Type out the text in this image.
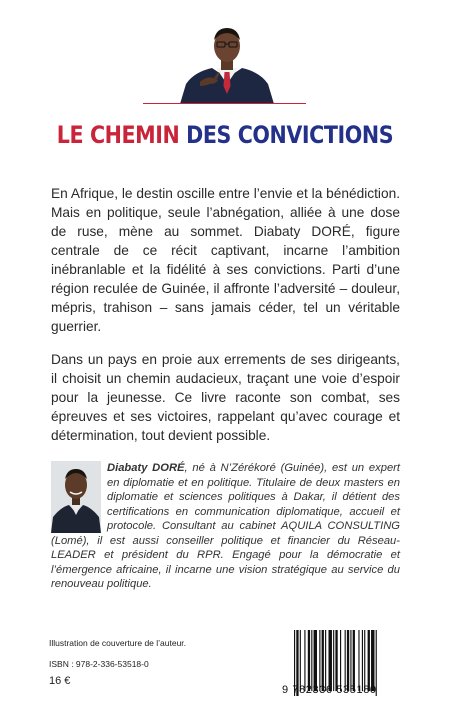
LE CHEMIN DES CONVICTIONS

En Afrique, le destin oscille entre l’envie et la bénédiction. Mais en politique, seule l’abnégation, alliée à une dose de ruse, mène au sommet. Diabaty DORÉ, figure centrale de ce récit captivant, incarne l’ambition inébranlable et la fidélité à ses convictions. Parti d’une région reculée de Guinée, il affronte l’adversité – douleur, mépris, trahison – sans jamais céder, tel un véritable guerrier.

Dans un pays en proie aux errements de ses dirigeants, il choisit un chemin audacieux, traçant une voie d’espoir pour la jeunesse. Ce livre raconte son combat, ses épreuves et ses victoires, rappelant qu’avec courage et détermination, tout devient possible.

Diabaty DORÉ, né à N’Zérékoré (Guinée), est un expert en diplomatie et en politique. Titulaire de deux masters en diplomatie et sciences politiques à Dakar, il détient des certifications en communication diplomatique, accueil et protocole. Consultant au cabinet AQUILA CONSULTING (Lomé), il est aussi conseiller politique et financier du Réseau-LEADER et président du RPR. Engagé pour la démocratie et l’émergence africaine, il incarne une vision stratégique au service du renouveau politique.
Illustration de couverture de l’auteur.
ISBN : 978-2-336-53518-0
16 €
9 782336 535180
